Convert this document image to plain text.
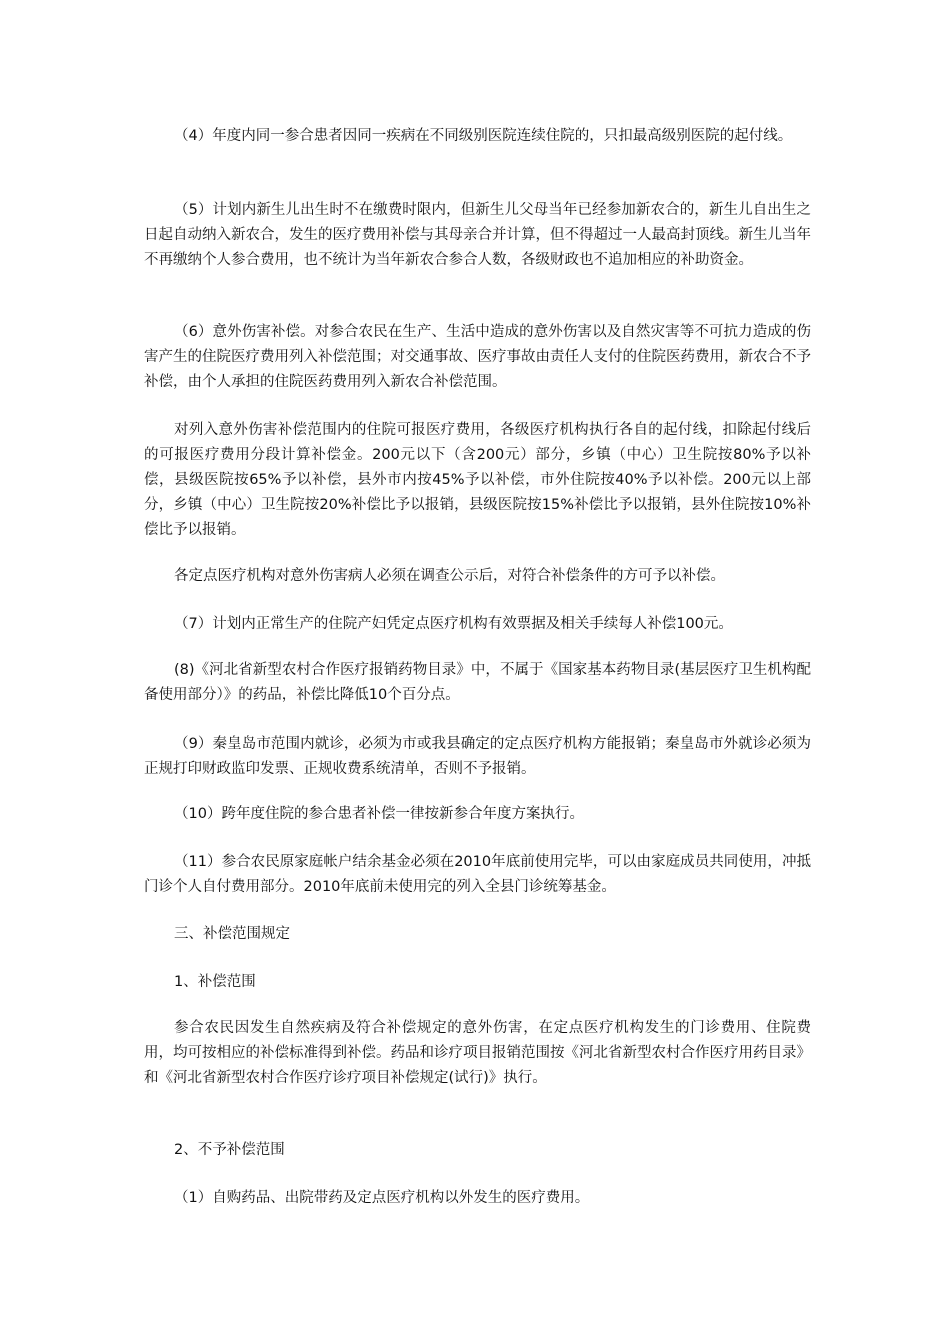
（4）年度内同一参合患者因同一疾病在不同级别医院连续住院的，只扣最高级别医院的起付线。

（5）计划内新生儿出生时不在缴费时限内，但新生儿父母当年已经参加新农合的，新生儿自出生之日起自动纳入新农合，发生的医疗费用补偿与其母亲合并计算，但不得超过一人最高封顶线。新生儿当年不再缴纳个人参合费用，也不统计为当年新农合参合人数，各级财政也不追加相应的补助资金。

（6）意外伤害补偿。对参合农民在生产、生活中造成的意外伤害以及自然灾害等不可抗力造成的伤害产生的住院医疗费用列入补偿范围；对交通事故、医疗事故由责任人支付的住院医药费用，新农合不予补偿，由个人承担的住院医药费用列入新农合补偿范围。

对列入意外伤害补偿范围内的住院可报医疗费用，各级医疗机构执行各自的起付线，扣除起付线后的可报医疗费用分段计算补偿金。200元以下（含200元）部分，乡镇（中心）卫生院按80%予以补偿，县级医院按65%予以补偿，县外市内按45%予以补偿，市外住院按40%予以补偿。200元以上部分，乡镇（中心）卫生院按20%补偿比予以报销，县级医院按15%补偿比予以报销，县外住院按10%补偿比予以报销。

各定点医疗机构对意外伤害病人必须在调查公示后，对符合补偿条件的方可予以补偿。

（7）计划内正常生产的住院产妇凭定点医疗机构有效票据及相关手续每人补偿100元。

(8)《河北省新型农村合作医疗报销药物目录》中，不属于《国家基本药物目录(基层医疗卫生机构配备使用部分）》的药品，补偿比降低10个百分点。

（9）秦皇岛市范围内就诊，必须为市或我县确定的定点医疗机构方能报销；秦皇岛市外就诊必须为正规打印财政监印发票、正规收费系统清单，否则不予报销。

（10）跨年度住院的参合患者补偿一律按新参合年度方案执行。

（11）参合农民原家庭帐户结余基金必须在2010年底前使用完毕，可以由家庭成员共同使用，冲抵门诊个人自付费用部分。2010年底前未使用完的列入全县门诊统筹基金。

三、补偿范围规定

1、补偿范围

参合农民因发生自然疾病及符合补偿规定的意外伤害，在定点医疗机构发生的门诊费用、住院费用，均可按相应的补偿标准得到补偿。药品和诊疗项目报销范围按《河北省新型农村合作医疗用药目录》和《河北省新型农村合作医疗诊疗项目补偿规定(试行)》执行。

2、不予补偿范围

（1）自购药品、出院带药及定点医疗机构以外发生的医疗费用。
